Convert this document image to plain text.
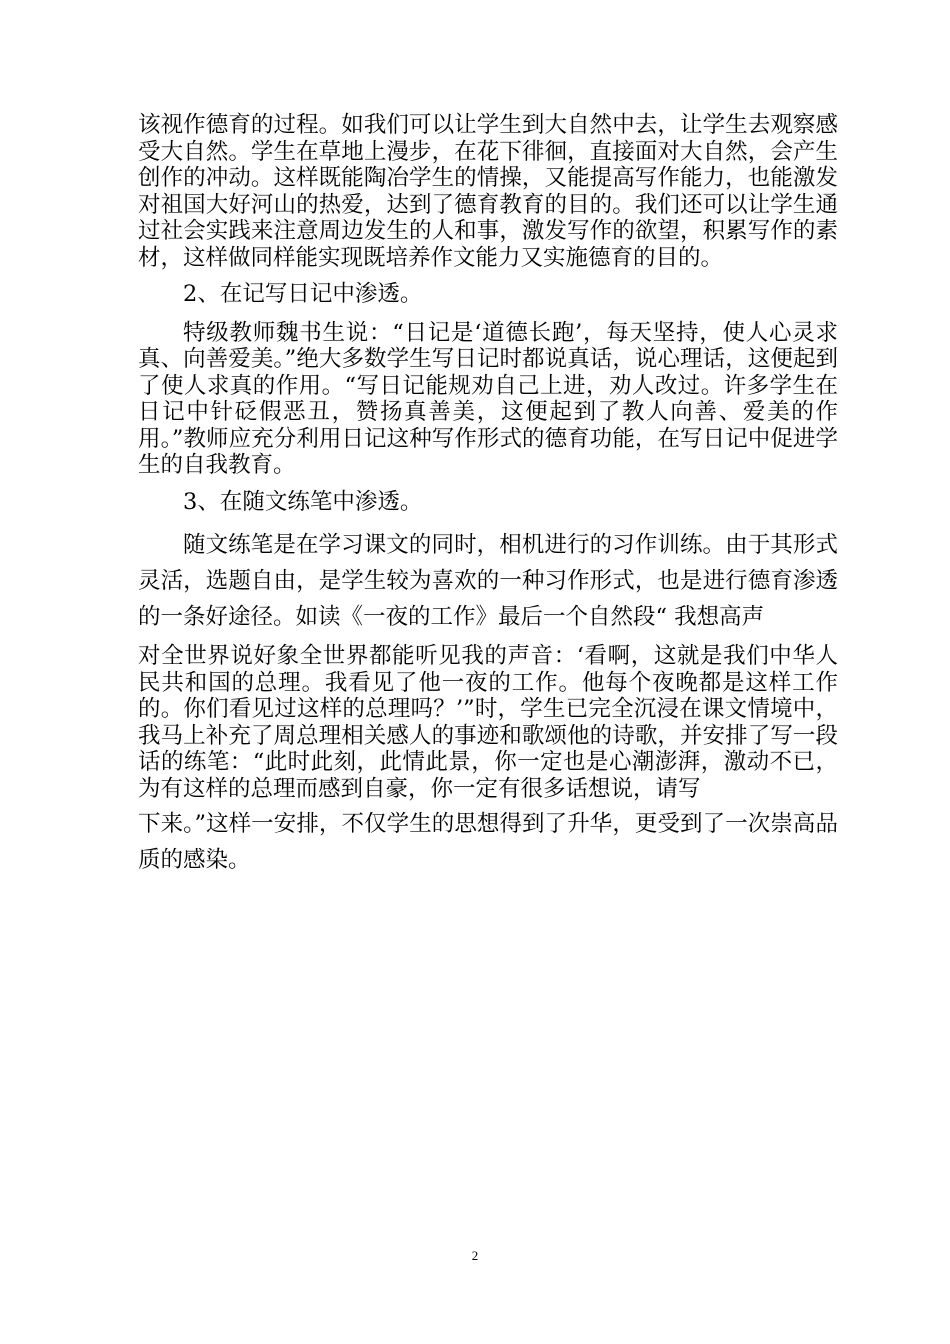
该视作德育的过程。如我们可以让学生到大自然中去，让学生去观察感受大自然。学生在草地上漫步，在花下徘徊，直接面对大自然，会产生创作的冲动。这样既能陶冶学生的情操，又能提高写作能力，也能激发对祖国大好河山的热爱，达到了德育教育的目的。我们还可以让学生通过社会实践来注意周边发生的人和事，激发写作的欲望，积累写作的素材，这样做同样能实现既培养作文能力又实施德育的目的。

2、在记写日记中渗透。

特级教师魏书生说：“日记是‘道德长跑’，每天坚持，使人心灵求真、向善爱美。”绝大多数学生写日记时都说真话，说心理话，这便起到了使人求真的作用。“写日记能规劝自己上进，劝人改过。许多学生在日记中针砭假恶丑，赞扬真善美，这便起到了教人向善、爱美的作用。”教师应充分利用日记这种写作形式的德育功能，在写日记中促进学生的自我教育。

3、在随文练笔中渗透。

随文练笔是在学习课文的同时，相机进行的习作训练。由于其形式灵活，选题自由，是学生较为喜欢的一种习作形式，也是进行德育渗透的一条好途径。如读《一夜的工作》最后一个自然段“ 我想高声

对全世界说好象全世界都能听见我的声音：‘看啊，这就是我们中华人民共和国的总理。我看见了他一夜的工作。他每个夜晚都是这样工作的。你们看见过这样的总理吗？’”时，学生已完全沉浸在课文情境中，我马上补充了周总理相关感人的事迹和歌颂他的诗歌，并安排了写一段话的练笔：“此时此刻，此情此景，你一定也是心潮澎湃，激动不已，为有这样的总理而感到自豪，你一定有很多话想说，请写

下来。”这样一安排，不仅学生的思想得到了升华，更受到了一次崇高品质的感染。

2
